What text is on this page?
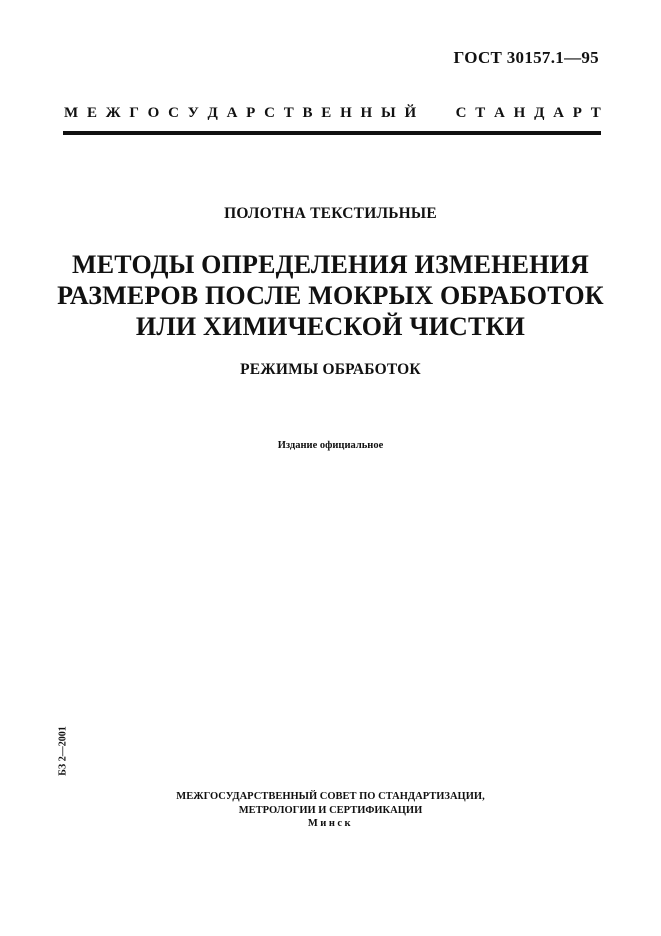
ГОСТ 30157.1—95
М Е Ж Г О С У Д А Р С Т В Е Н Н Ы Й	С Т А Н Д А Р Т
ПОЛОТНА ТЕКСТИЛЬНЫЕ
МЕТОДЫ ОПРЕДЕЛЕНИЯ ИЗМЕНЕНИЯ
РАЗМЕРОВ ПОСЛЕ МОКРЫХ ОБРАБОТОК
ИЛИ ХИМИЧЕСКОЙ ЧИСТКИ
РЕЖИМЫ ОБРАБОТОК
Издание официальное
БЗ 2—2001
МЕЖГОСУДАРСТВЕННЫЙ СОВЕТ ПО СТАНДАРТИЗАЦИИ,
МЕТРОЛОГИИ И СЕРТИФИКАЦИИ
Минск
